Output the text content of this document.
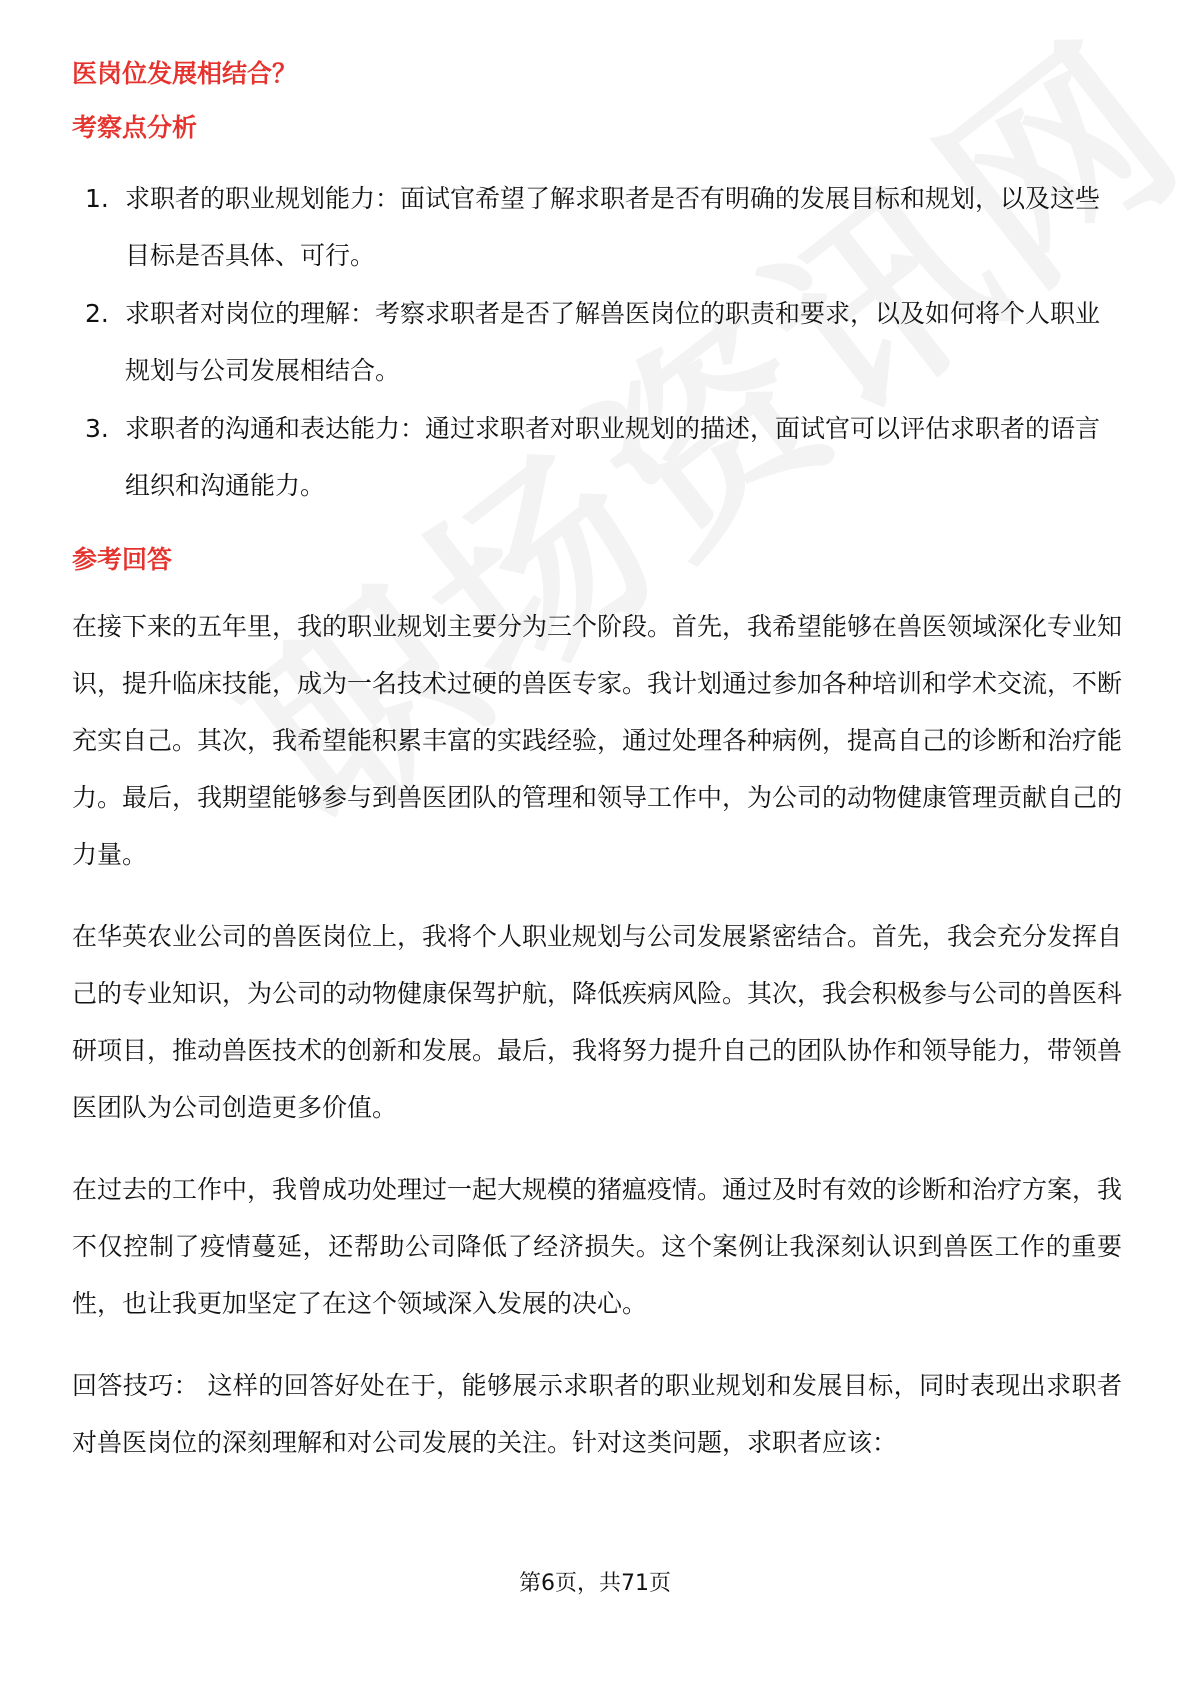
医岗位发展相结合？

考察点分析

1. 求职者的职业规划能力：面试官希望了解求职者是否有明确的发展目标和规划，以及这些目标是否具体、可行。
2. 求职者对岗位的理解：考察求职者是否了解兽医岗位的职责和要求，以及如何将个人职业规划与公司发展相结合。
3. 求职者的沟通和表达能力：通过求职者对职业规划的描述，面试官可以评估求职者的语言组织和沟通能力。

参考回答

在接下来的五年里，我的职业规划主要分为三个阶段。首先，我希望能够在兽医领域深化专业知识，提升临床技能，成为一名技术过硬的兽医专家。我计划通过参加各种培训和学术交流，不断充实自己。其次，我希望能积累丰富的实践经验，通过处理各种病例，提高自己的诊断和治疗能力。最后，我期望能够参与到兽医团队的管理和领导工作中，为公司的动物健康管理贡献自己的力量。

在华英农业公司的兽医岗位上，我将个人职业规划与公司发展紧密结合。首先，我会充分发挥自己的专业知识，为公司的动物健康保驾护航，降低疾病风险。其次，我会积极参与公司的兽医科研项目，推动兽医技术的创新和发展。最后，我将努力提升自己的团队协作和领导能力，带领兽医团队为公司创造更多价值。

在过去的工作中，我曾成功处理过一起大规模的猪瘟疫情。通过及时有效的诊断和治疗方案，我不仅控制了疫情蔓延，还帮助公司降低了经济损失。这个案例让我深刻认识到兽医工作的重要性，也让我更加坚定了在这个领域深入发展的决心。

回答技巧： 这样的回答好处在于，能够展示求职者的职业规划和发展目标，同时表现出求职者对兽医岗位的深刻理解和对公司发展的关注。针对这类问题，求职者应该：

第6页，共71页
